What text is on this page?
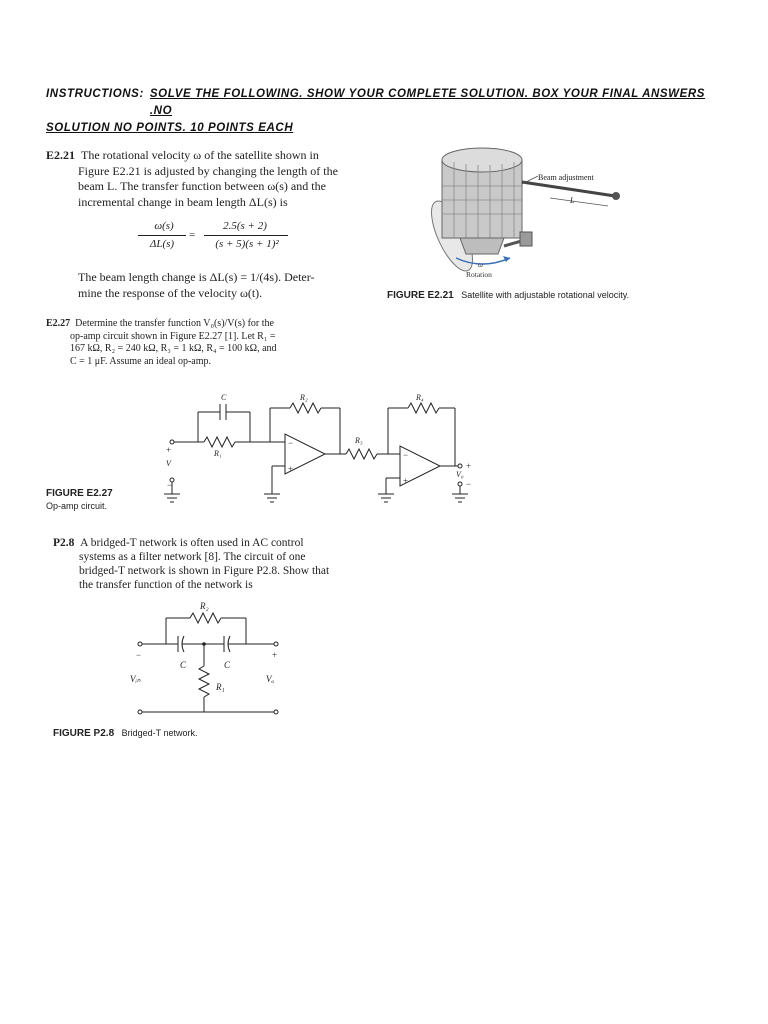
INSTRUCTIONS: SOLVE THE FOLLOWING. SHOW YOUR COMPLETE SOLUTION. BOX YOUR FINAL ANSWERS .NO
SOLUTION NO POINTS. 10 POINTS EACH
E2.21 The rotational velocity ω of the satellite shown in
Figure E2.21 is adjusted by changing the length of the
beam L. The transfer function between ω(s) and the
incremental change in beam length ΔL(s) is
ω(s)
ΔL(s)
=
2.5(s + 2)
(s + 5)(s + 1)²
The beam length change is ΔL(s) = 1/(4s). Deter-
mine the response of the velocity ω(t).
L
Beam adjustment
ω
Rotation
FIGURE E2.21 Satellite with adjustable rotational velocity.
E2.27 Determine the transfer function V₀(s)/V(s) for the
op-amp circuit shown in Figure E2.27 [1]. Let R₁ =
167 kΩ, R₂ = 240 kΩ, R₃ = 1 kΩ, R₄ = 100 kΩ, and
C = 1 μF. Assume an ideal op-amp.
C
R₁
R₂
R₃
R₄
V
V₀
+
−
−
+
−
+
+
−
FIGURE E2.27
Op-amp circuit.
P2.8 A bridged-T network is often used in AC control
systems as a filter network [8]. The circuit of one
bridged-T network is shown in Figure P2.8. Show that
the transfer function of the network is
R₂
C	C
R₁
Vᵢₙ	Vₒ
−	+
FIGURE P2.8 Bridged-T network.
